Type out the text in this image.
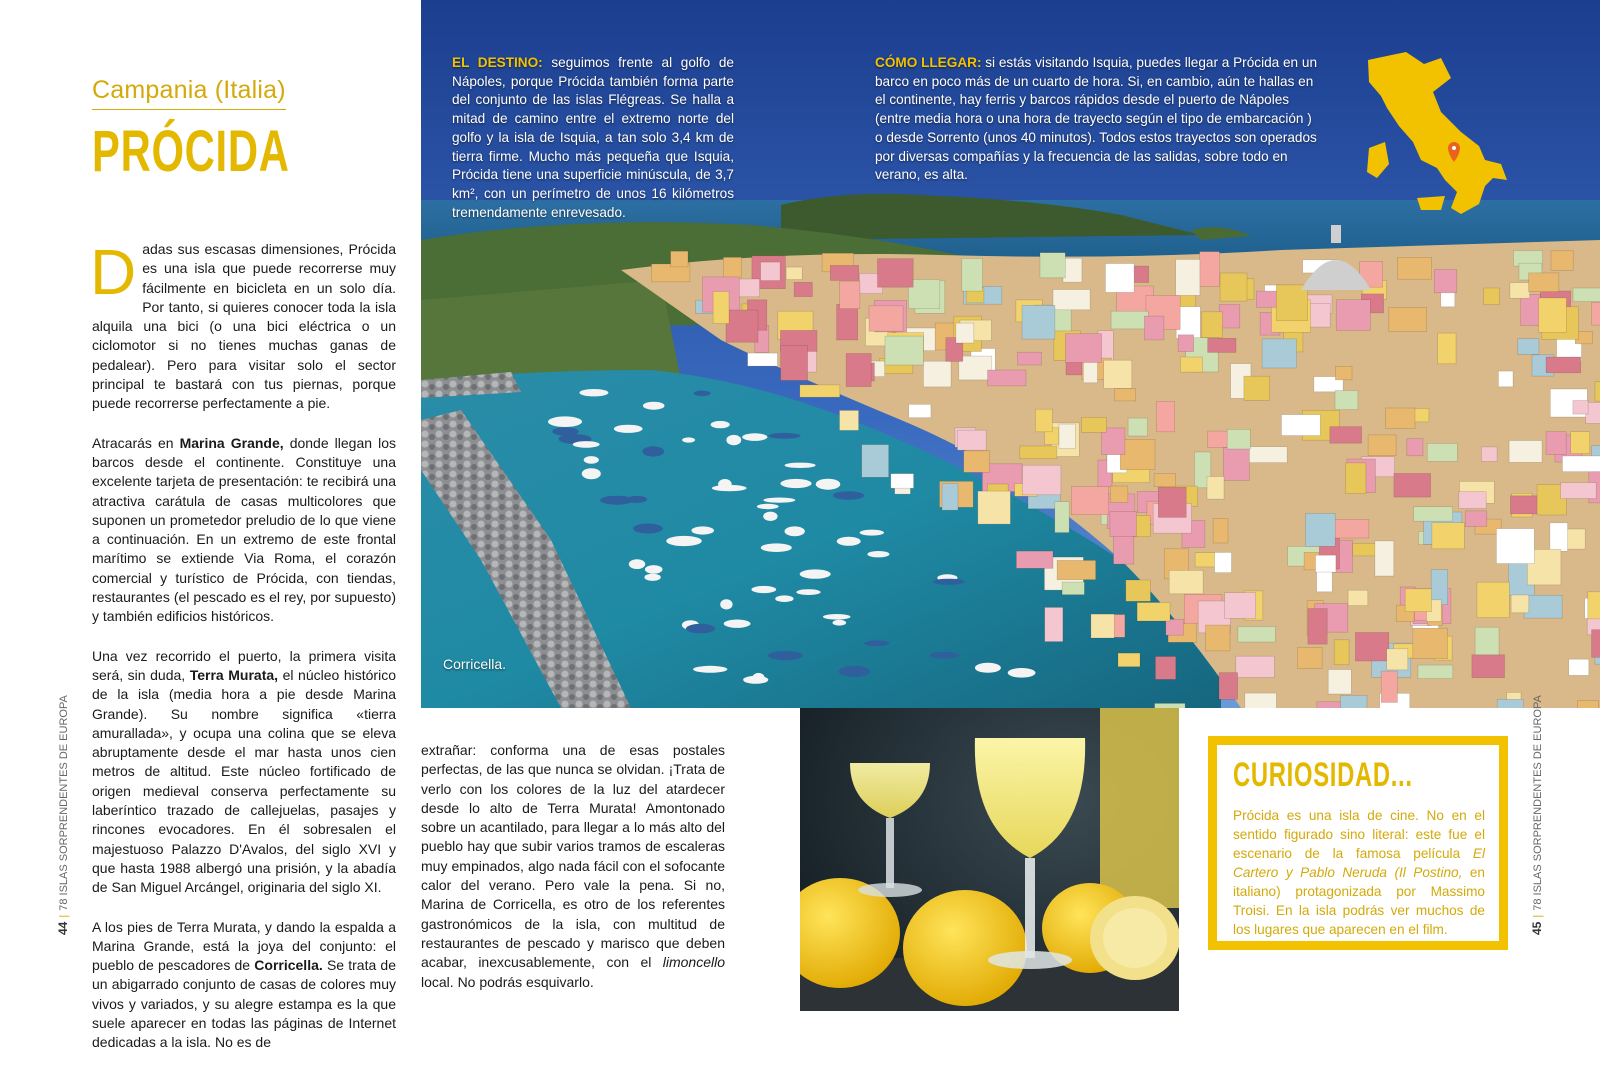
Campania (Italia)
PRÓCIDA

Dadas sus escasas dimensiones, Prócida es una isla que puede recorrerse muy fácilmente en bicicleta en un solo día. Por tanto, si quieres conocer toda la isla alquila una bici (o una bici eléctrica o un ciclomotor si no tienes muchas ganas de pedalear). Pero para visitar solo el sector principal te bastará con tus piernas, porque puede recorrerse perfectamente a pie.

Atracarás en Marina Grande, donde llegan los barcos desde el continente. Constituye una excelente tarjeta de presentación: te recibirá una atractiva carátula de casas multicolores que suponen un prometedor preludio de lo que viene a continuación. En un extremo de este frontal marítimo se extiende Via Roma, el corazón comercial y turístico de Prócida, con tiendas, restaurantes (el pescado es el rey, por supuesto) y también edificios históricos.

Una vez recorrido el puerto, la primera visita será, sin duda, Terra Murata, el núcleo histórico de la isla (media hora a pie desde Marina Grande). Su nombre significa «tierra amurallada», y ocupa una colina que se eleva abruptamente desde el mar hasta unos cien metros de altitud. Este núcleo fortificado de origen medieval conserva perfectamente su laberíntico trazado de callejuelas, pasajes y rincones evocadores. En él sobresalen el majestuoso Palazzo D'Avalos, del siglo XVI y que hasta 1988 albergó una prisión, y la abadía de San Miguel Arcángel, originaria del siglo XI.

A los pies de Terra Murata, y dando la espalda a Marina Grande, está la joya del conjunto: el pueblo de pescadores de Corricella. Se trata de un abigarrado conjunto de casas de colores muy vivos y variados, y su alegre estampa es la que suele aparecer en todas las páginas de Internet dedicadas a la isla. No es de

44|78 ISLAS SORPRENDENTES DE EUROPA
EL DESTINO: seguimos frente al golfo de Nápoles, porque Prócida también forma parte del conjunto de las islas Flégreas. Se halla a mitad de camino entre el extremo norte del golfo y la isla de Isquia, a tan solo 3,4 km de tierra firme. Mucho más pequeña que Isquia, Prócida tiene una superficie minúscula, de 3,7 km², con un perímetro de unos 16 kilómetros tremendamente enrevesado.
CÓMO LLEGAR: si estás visitando Isquia, puedes llegar a Prócida en un barco en poco más de un cuarto de hora. Si, en cambio, aún te hallas en el continente, hay ferris y barcos rápidos desde el puerto de Nápoles (entre media hora o una hora de trayecto según el tipo de embarcación ) o desde Sorrento (unos 40 minutos). Todos estos trayectos son operados por diversas compañías y la frecuencia de las salidas, sobre todo en verano, es alta.
Corricella.

extrañar: conforma una de esas postales perfectas, de las que nunca se olvidan. ¡Trata de verlo con los colores de la luz del atardecer desde lo alto de Terra Murata! Amontonado sobre un acantilado, para llegar a lo más alto del pueblo hay que subir varios tramos de escaleras muy empinados, algo nada fácil con el sofocante calor del verano. Pero vale la pena. Si no, Marina de Corricella, es otro de los referentes gastronómicos de la isla, con multitud de restaurantes de pescado y marisco que deben acabar, inexcusablemente, con el limoncello local. No podrás esquivarlo.

CURIOSIDAD...
Prócida es una isla de cine. No en el sentido figurado sino literal: este fue el escenario de la famosa película El Cartero y Pablo Neruda (Il Postino, en italiano) protagonizada por Massimo Troisi. En la isla podrás ver muchos de los lugares que aparecen en el film.	45|78 ISLAS SORPRENDENTES DE EUROPA
